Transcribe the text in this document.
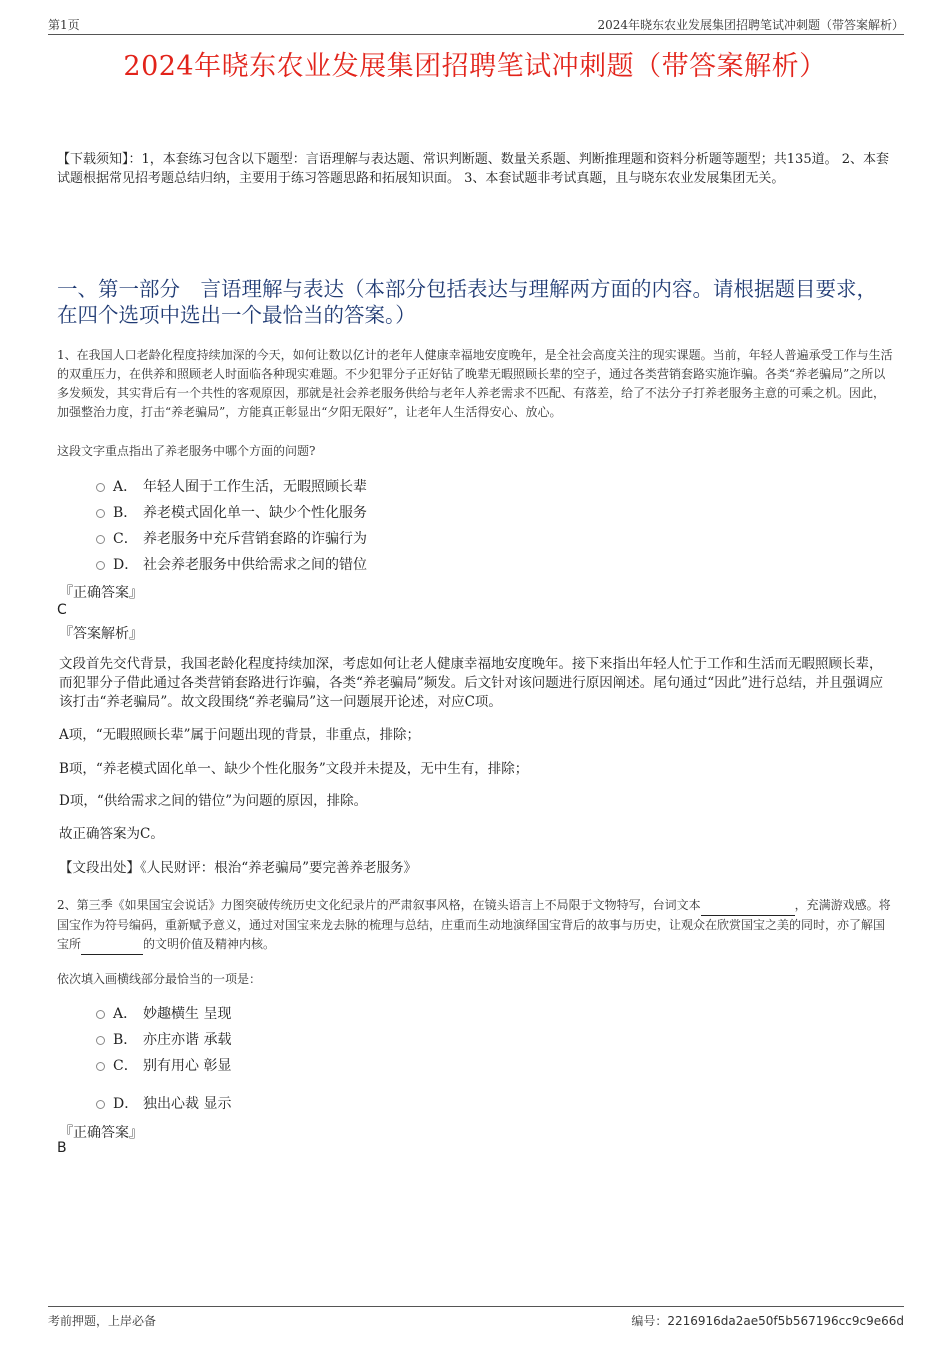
第1页	2024年晓东农业发展集团招聘笔试冲刺题（带答案解析）
2024年晓东农业发展集团招聘笔试冲刺题（带答案解析）
【下载须知】：1，本套练习包含以下题型：言语理解与表达题、常识判断题、数量关系题、判断推理题和资料分析题等题型；共135道。 2、本套试题根据常见招考题总结归纳，主要用于练习答题思路和拓展知识面。 3、本套试题非考试真题，且与晓东农业发展集团无关。
一、第一部分　言语理解与表达（本部分包括表达与理解两方面的内容。请根据题目要求，在四个选项中选出一个最恰当的答案。）
1、在我国人口老龄化程度持续加深的今天，如何让数以亿计的老年人健康幸福地安度晚年，是全社会高度关注的现实课题。当前，年轻人普遍承受工作与生活的双重压力，在供养和照顾老人时面临各种现实难题。不少犯罪分子正好钻了晚辈无暇照顾长辈的空子，通过各类营销套路实施诈骗。各类“养老骗局”之所以多发频发，其实背后有一个共性的客观原因，那就是社会养老服务供给与老年人养老需求不匹配、有落差，给了不法分子打养老服务主意的可乘之机。因此，加强整治力度，打击“养老骗局”，方能真正彰显出“夕阳无限好”，让老年人生活得安心、放心。
这段文字重点指出了养老服务中哪个方面的问题?
A． 年轻人囿于工作生活，无暇照顾长辈
B． 养老模式固化单一、缺少个性化服务
C． 养老服务中充斥营销套路的诈骗行为
D． 社会养老服务中供给需求之间的错位
『正确答案』
C
『答案解析』
文段首先交代背景，我国老龄化程度持续加深，考虑如何让老人健康幸福地安度晚年。接下来指出年轻人忙于工作和生活而无暇照顾长辈，而犯罪分子借此通过各类营销套路进行诈骗，各类“养老骗局”频发。后文针对该问题进行原因阐述。尾句通过“因此”进行总结，并且强调应该打击“养老骗局”。故文段围绕“养老骗局”这一问题展开论述，对应C项。
A项，“无暇照顾长辈”属于问题出现的背景，非重点，排除；
B项，“养老模式固化单一、缺少个性化服务”文段并未提及，无中生有，排除；
D项，“供给需求之间的错位”为问题的原因，排除。
故正确答案为C。
【文段出处】《人民财评：根治“养老骗局”要完善养老服务》
2、第三季《如果国宝会说话》力图突破传统历史文化纪录片的严肃叙事风格，在镜头语言上不局限于文物特写，台词文本	，充满游戏感。将国宝作为符号编码，重新赋予意义，通过对国宝来龙去脉的梳理与总结，庄重而生动地演绎国宝背后的故事与历史，让观众在欣赏国宝之美的同时，亦了解国宝所	的文明价值及精神内核。
依次填入画横线部分最恰当的一项是：
A． 妙趣横生 呈现
B． 亦庄亦谐 承载
C． 别有用心 彰显
D． 独出心裁 显示
『正确答案』
B
考前押题，上岸必备	编号：2216916da2ae50f5b567196cc9c9e66d
